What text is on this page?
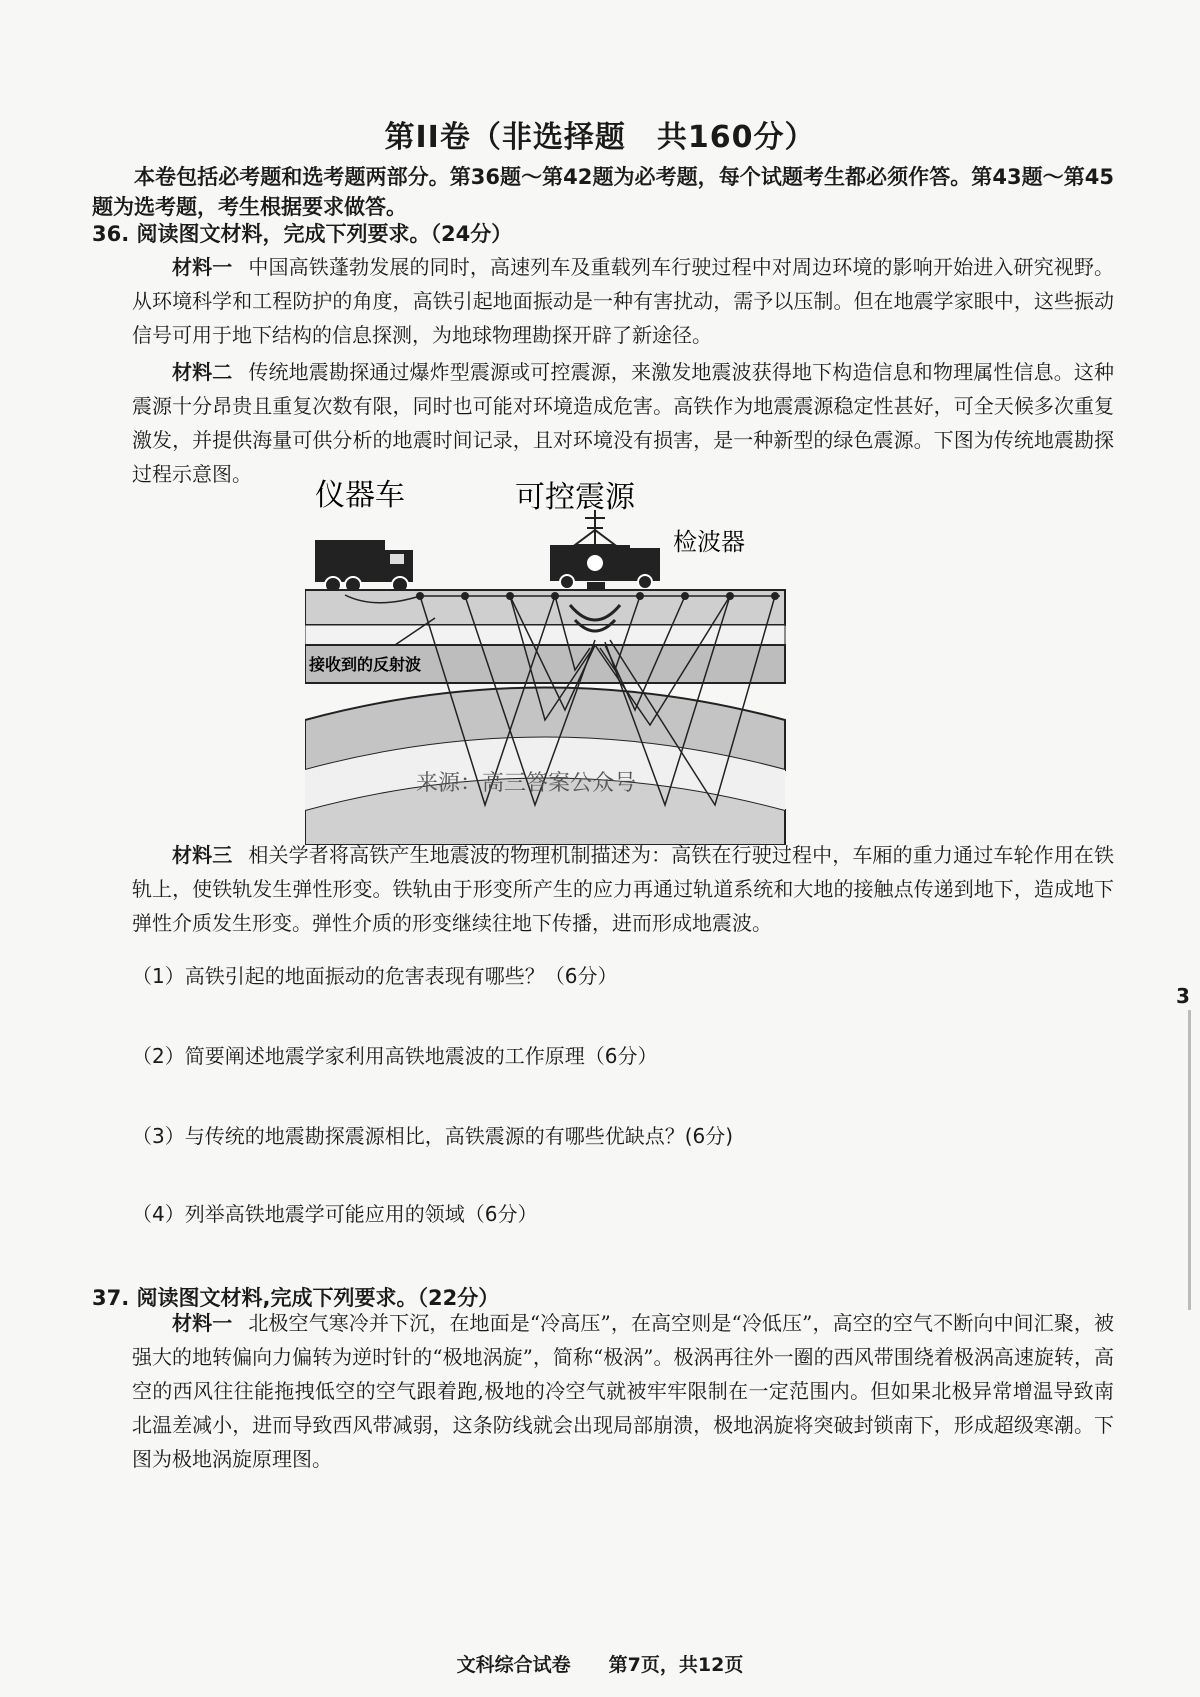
第II卷（非选择题　共160分）
本卷包括必考题和选考题两部分。第36题～第42题为必考题，每个试题考生都必须作答。第43题～第45题为选考题，考生根据要求做答。
36. 阅读图文材料，完成下列要求。（24分）
材料一 中国高铁蓬勃发展的同时，高速列车及重载列车行驶过程中对周边环境的影响开始进入研究视野。从环境科学和工程防护的角度，高铁引起地面振动是一种有害扰动，需予以压制。但在地震学家眼中，这些振动信号可用于地下结构的信息探测，为地球物理勘探开辟了新途径。
材料二 传统地震勘探通过爆炸型震源或可控震源，来激发地震波获得地下构造信息和物理属性信息。这种震源十分昂贵且重复次数有限，同时也可能对环境造成危害。高铁作为地震震源稳定性甚好，可全天候多次重复激发，并提供海量可供分析的地震时间记录，且对环境没有损害，是一种新型的绿色震源。下图为传统地震勘探过程示意图。
仪器车	可控震源
检波器
接收到的反射波
来源：高三答案公众号
材料三 相关学者将高铁产生地震波的物理机制描述为：高铁在行驶过程中，车厢的重力通过车轮作用在铁轨上，使铁轨发生弹性形变。铁轨由于形变所产生的应力再通过轨道系统和大地的接触点传递到地下，造成地下弹性介质发生形变。弹性介质的形变继续往地下传播，进而形成地震波。
（1）高铁引起的地面振动的危害表现有哪些？（6分）
（2）简要阐述地震学家利用高铁地震波的工作原理（6分）
（3）与传统的地震勘探震源相比，高铁震源的有哪些优缺点？(6分)
（4）列举高铁地震学可能应用的领域（6分）
37. 阅读图文材料,完成下列要求。（22分）
材料一 北极空气寒冷并下沉，在地面是“冷高压”，在高空则是“冷低压”，高空的空气不断向中间汇聚，被强大的地转偏向力偏转为逆时针的“极地涡旋”，简称“极涡”。极涡再往外一圈的西风带围绕着极涡高速旋转，高空的西风往往能拖拽低空的空气跟着跑,极地的冷空气就被牢牢限制在一定范围内。但如果北极异常增温导致南北温差减小，进而导致西风带减弱，这条防线就会出现局部崩溃，极地涡旋将突破封锁南下，形成超级寒潮。下图为极地涡旋原理图。
3
文科综合试卷　　第7页，共12页
